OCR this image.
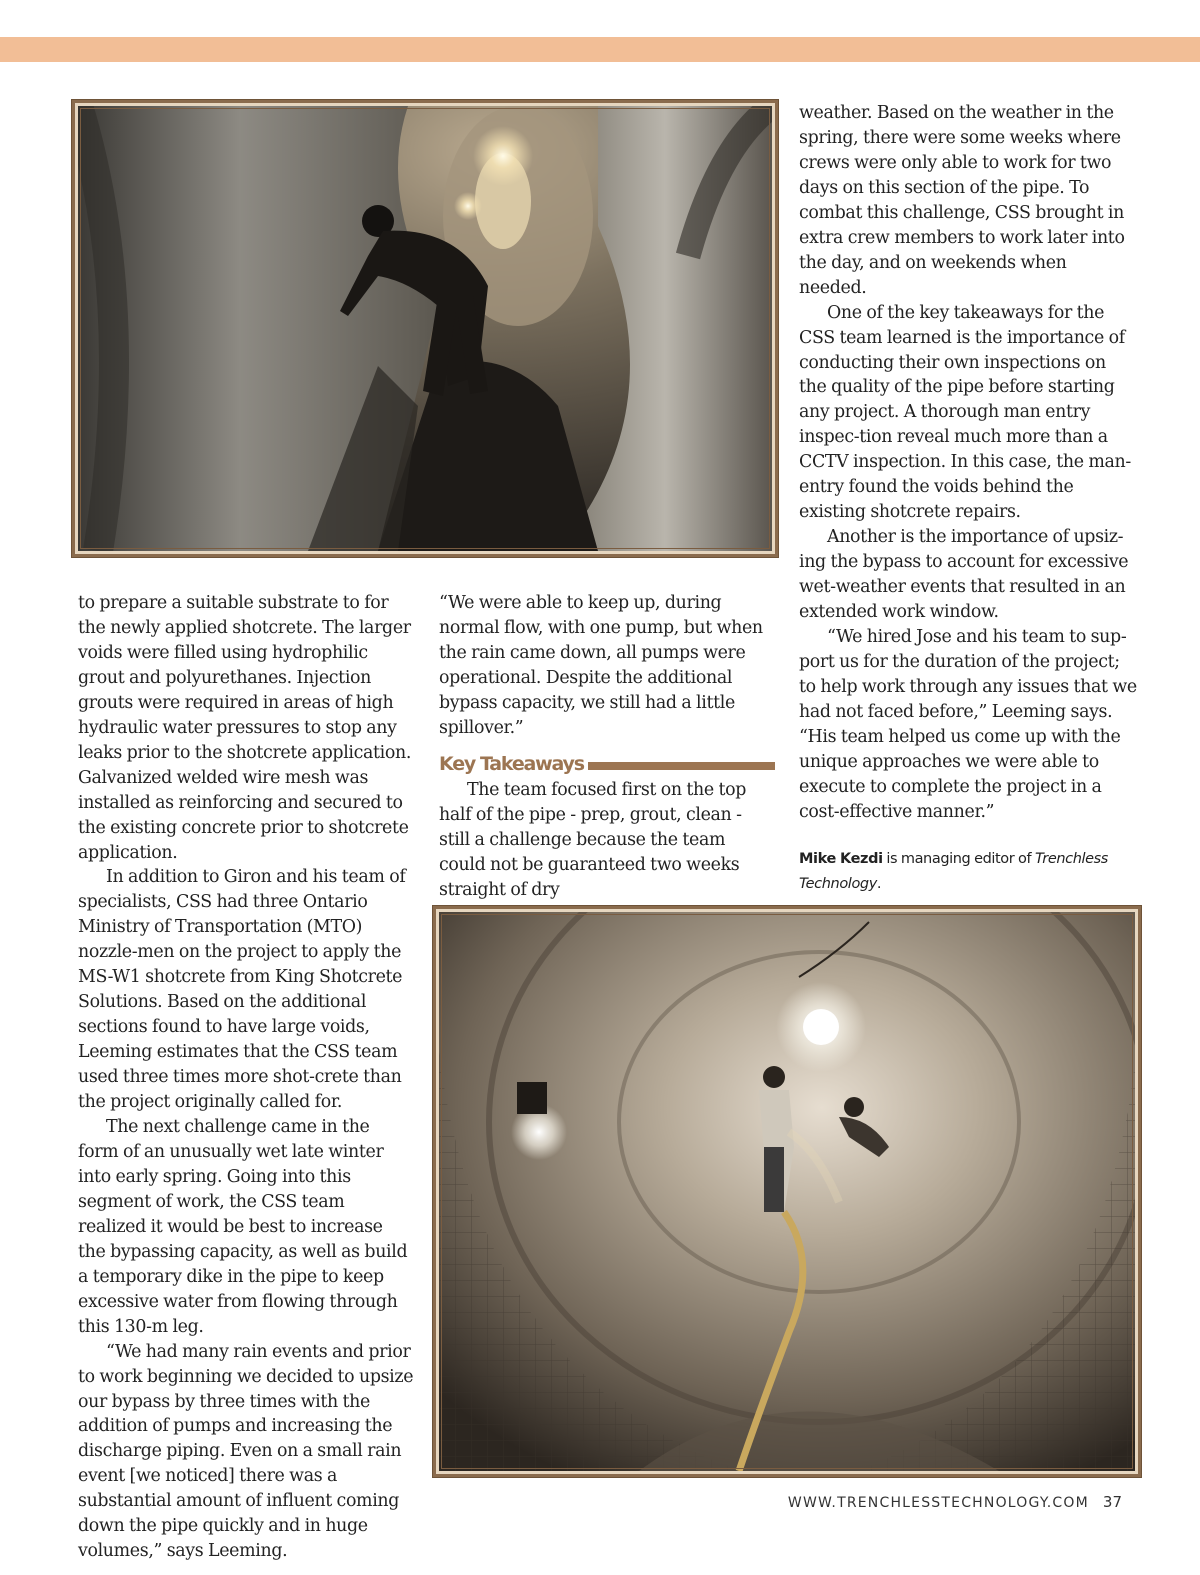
to prepare a suitable substrate to for the newly applied shotcrete. The larger voids were filled using hydrophilic grout and polyurethanes. Injection grouts were required in areas of high hydraulic water pressures to stop any leaks prior to the shotcrete application. Galvanized welded wire mesh was installed as reinforcing and secured to the existing concrete prior to shotcrete application.

In addition to Giron and his team of specialists, CSS had three Ontario Ministry of Transportation (MTO) nozzle-men on the project to apply the MS-W1 shotcrete from King Shotcrete Solutions. Based on the additional sections found to have large voids, Leeming estimates that the CSS team used three times more shot-crete than the project originally called for.

The next challenge came in the form of an unusually wet late winter into early spring. Going into this segment of work, the CSS team realized it would be best to increase the bypassing capacity, as well as build a temporary dike in the pipe to keep excessive water from flowing through this 130-m leg.

“We had many rain events and prior to work beginning we decided to upsize our bypass by three times with the addition of pumps and increasing the discharge piping. Even on a small rain event [we noticed] there was a substantial amount of influent coming down the pipe quickly and in huge volumes,” says Leeming.

“We were able to keep up, during normal flow, with one pump, but when the rain came down, all pumps were operational. Despite the additional bypass capacity, we still had a little spillover.”

Key Takeaways

The team focused first on the top half of the pipe - prep, grout, clean - still a challenge because the team could not be guaranteed two weeks straight of dry

weather. Based on the weather in the spring, there were some weeks where crews were only able to work for two days on this section of the pipe. To combat this challenge, CSS brought in extra crew members to work later into the day, and on weekends when needed.

One of the key takeaways for the CSS team learned is the importance of conducting their own inspections on the quality of the pipe before starting any project. A thorough man entry inspec-tion reveal much more than a CCTV inspection. In this case, the man-entry found the voids behind the existing shotcrete repairs.

Another is the importance of upsiz-ing the bypass to account for excessive wet-weather events that resulted in an extended work window.

“We hired Jose and his team to sup-port us for the duration of the project; to help work through any issues that we had not faced before,” Leeming says. “His team helped us come up with the unique approaches we were able to execute to complete the project in a cost-effective manner.”

Mike Kezdi is managing editor of Trenchless Technology.
WWW.TRENCHLESSTECHNOLOGY.COM 37
